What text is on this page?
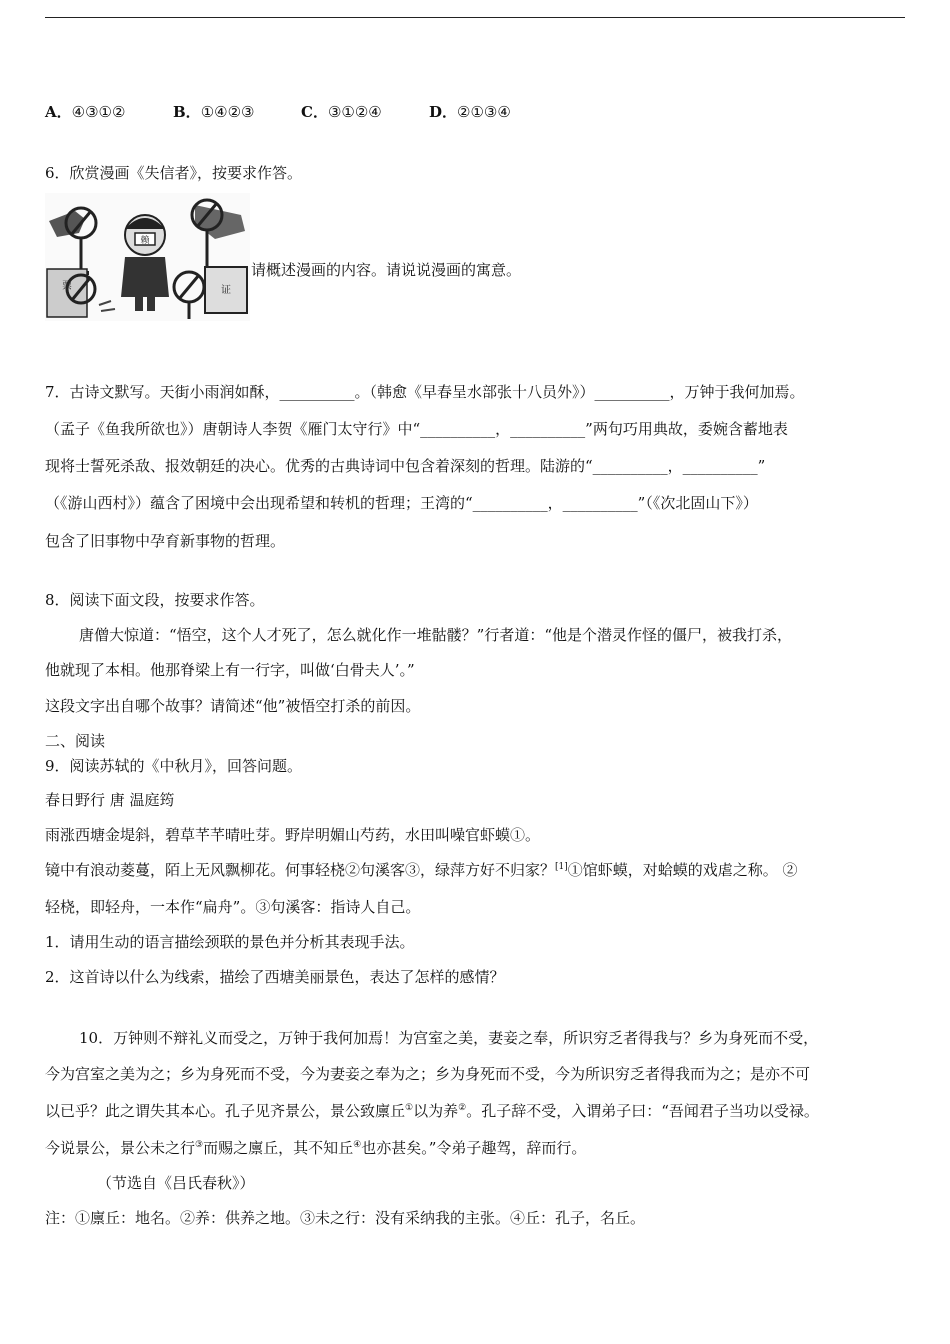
A．④③①②	B．①④②③	C．③①②④	D．②①③④
6．欣赏漫画《失信者》，按要求作答。
赖
票	证
请概述漫画的内容。请说说漫画的寓意。
7．古诗文默写。天街小雨润如酥，__________。（韩愈《早春呈水部张十八员外》）__________，万钟于我何加焉。
（孟子《鱼我所欲也》）唐朝诗人李贺《雁门太守行》中“__________，__________”两句巧用典故，委婉含蓄地表
现将士誓死杀敌、报效朝廷的决心。优秀的古典诗词中包含着深刻的哲理。陆游的“__________，__________”
（《游山西村》）蕴含了困境中会出现希望和转机的哲理；王湾的“__________，__________”（《次北固山下》）
包含了旧事物中孕育新事物的哲理。
8．阅读下面文段，按要求作答。
唐僧大惊道：“悟空，这个人才死了，怎么就化作一堆骷髅？”行者道：“他是个潜灵作怪的僵尸，被我打杀，
他就现了本相。他那脊梁上有一行字，叫做‘白骨夫人’。”
这段文字出自哪个故事？请简述“他”被悟空打杀的前因。
二、阅读
9．阅读苏轼的《中秋月》，回答问题。
春日野行 唐 温庭筠
雨涨西塘金堤斜，碧草芊芊晴吐芽。野岸明媚山芍药，水田叫噪官虾蟆①。
镜中有浪动菱蔓，陌上无风飘柳花。何事轻桡②句溪客③，绿萍方好不归家？[1]①馆虾蟆，对蛤蟆的戏虐之称。 ②
轻桡，即轻舟，一本作“扁舟”。③句溪客：指诗人自己。
1．请用生动的语言描绘颈联的景色并分析其表现手法。
2．这首诗以什么为线索，描绘了西塘美丽景色，表达了怎样的感情？
10．万钟则不辩礼义而受之，万钟于我何加焉！为宫室之美，妻妾之奉，所识穷乏者得我与？乡为身死而不受，
今为宫室之美为之；乡为身死而不受，今为妻妾之奉为之；乡为身死而不受，今为所识穷乏者得我而为之；是亦不可
以已乎？此之谓失其本心。孔子见齐景公，景公致廪丘①以为养②。孔子辞不受，入谓弟子曰：“吾闻君子当功以受禄。
今说景公，景公未之行③而赐之廪丘，其不知丘④也亦甚矣。”令弟子趣驾，辞而行。
（节选自《吕氏春秋》）
注：①廪丘：地名。②养：供养之地。③未之行：没有采纳我的主张。④丘：孔子，名丘。
